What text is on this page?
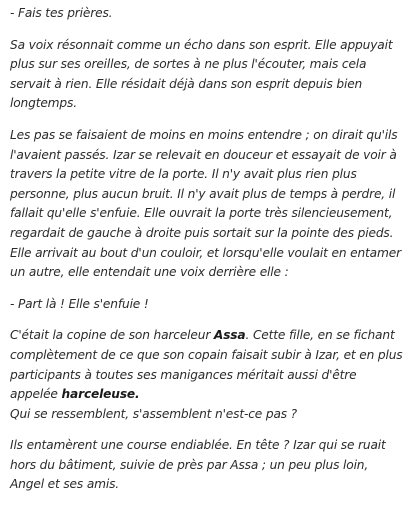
- Fais tes prières.

Sa voix résonnait comme un écho dans son esprit. Elle appuyait plus sur ses oreilles, de sortes à ne plus l'écouter, mais cela servait à rien. Elle résidait déjà dans son esprit depuis bien longtemps.

Les pas se faisaient de moins en moins entendre ; on dirait qu'ils l'avaient passés. Izar se relevait en douceur et essayait de voir à travers la petite vitre de la porte. Il n'y avait plus rien plus personne, plus aucun bruit. Il n'y avait plus de temps à perdre, il fallait qu'elle s'enfuie. Elle ouvrait la porte très silencieusement, regardait de gauche à droite puis sortait sur la pointe des pieds. Elle arrivait au bout d'un couloir, et lorsqu'elle voulait en entamer un autre, elle entendait une voix derrière elle :

- Part là ! Elle s'enfuie !

C'était la copine de son harceleur Assa. Cette fille, en se fichant complètement de ce que son copain faisait subir à Izar, et en plus participants à toutes ses manigances méritait aussi d'être appelée harceleuse.
Qui se ressemblent, s'assemblent n'est-ce pas ?

Ils entamèrent une course endiablée. En tête ? Izar qui se ruait hors du bâtiment, suivie de près par Assa ; un peu plus loin, Angel et ses amis.
